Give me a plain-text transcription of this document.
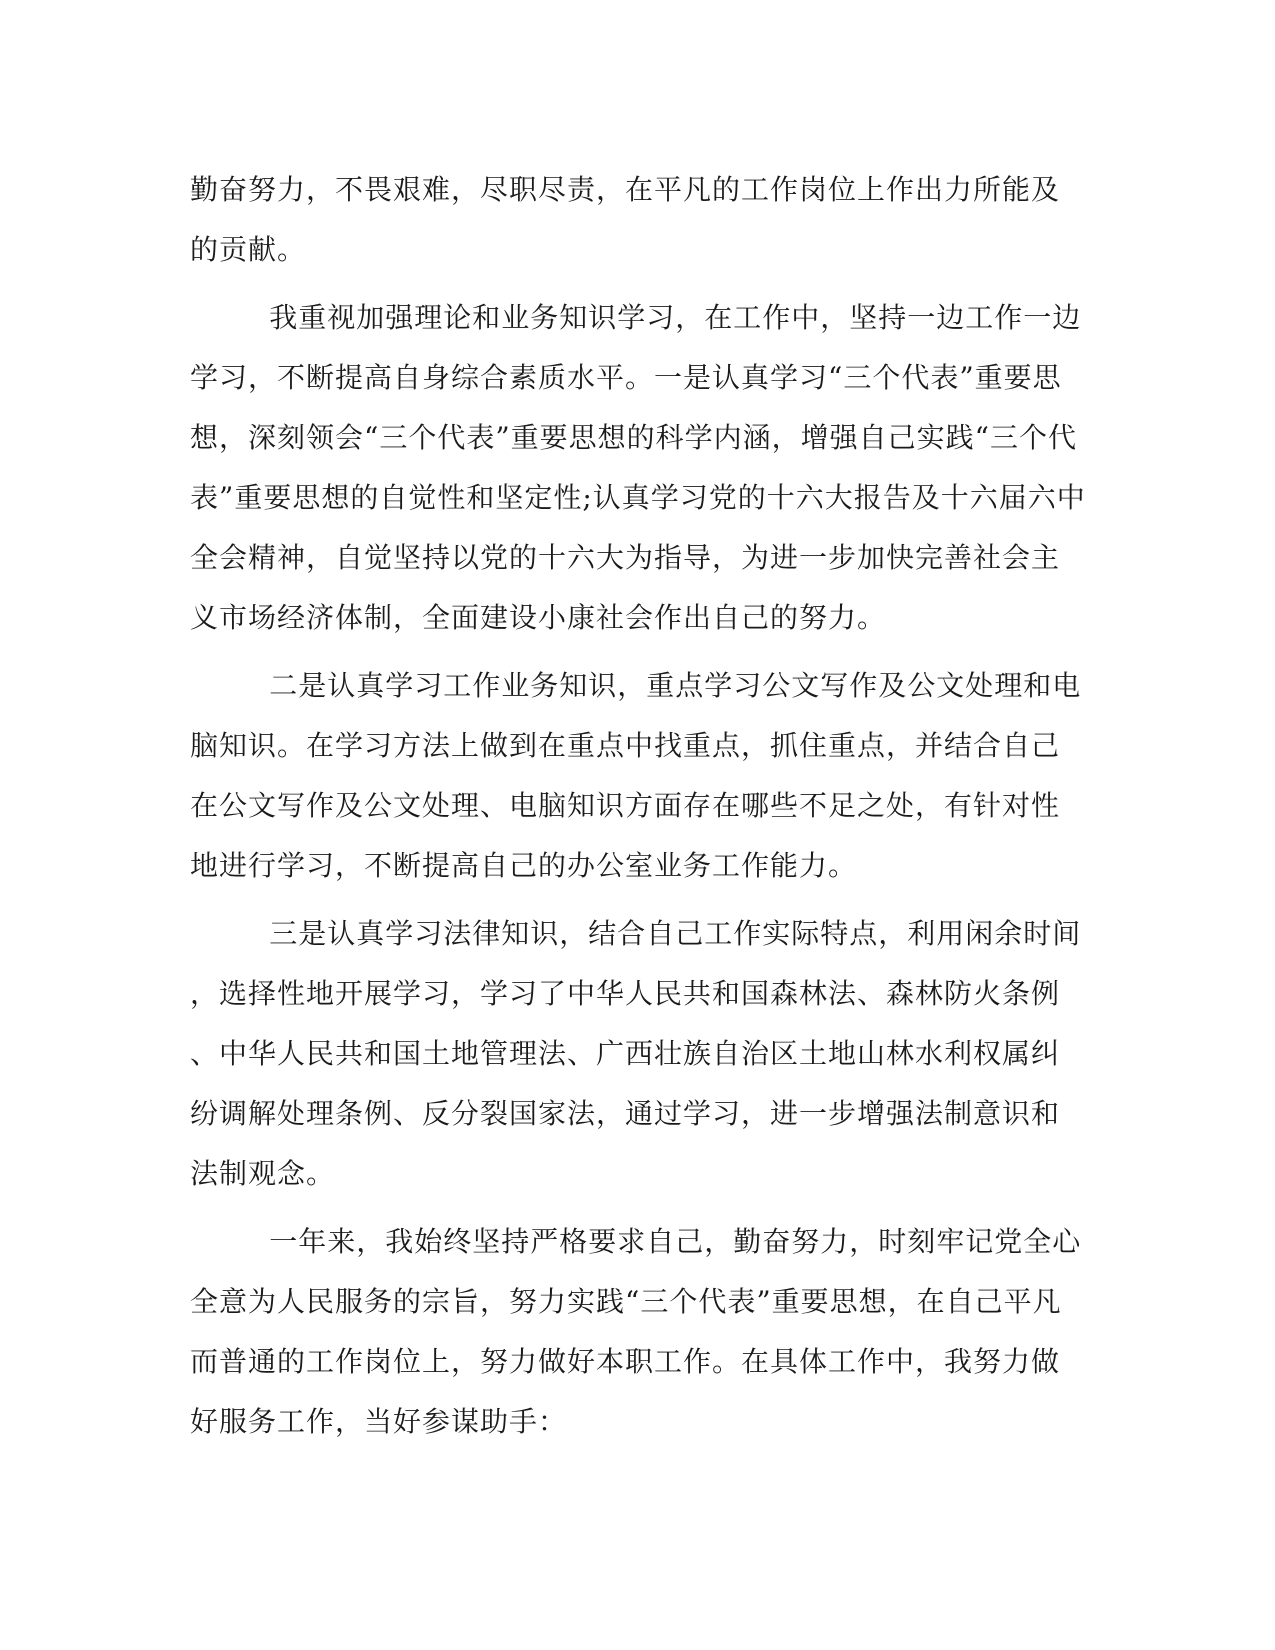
勤奋努力，不畏艰难，尽职尽责，在平凡的工作岗位上作出力所能及
的贡献。
我重视加强理论和业务知识学习，在工作中，坚持一边工作一边
学习，不断提高自身综合素质水平。一是认真学习“三个代表”重要思
想，深刻领会“三个代表”重要思想的科学内涵，增强自己实践“三个代
表”重要思想的自觉性和坚定性;认真学习党的十六大报告及十六届六中
全会精神，自觉坚持以党的十六大为指导，为进一步加快完善社会主
义市场经济体制，全面建设小康社会作出自己的努力。
二是认真学习工作业务知识，重点学习公文写作及公文处理和电
脑知识。在学习方法上做到在重点中找重点，抓住重点，并结合自己
在公文写作及公文处理、电脑知识方面存在哪些不足之处，有针对性
地进行学习，不断提高自己的办公室业务工作能力。
三是认真学习法律知识，结合自己工作实际特点，利用闲余时间
，选择性地开展学习，学习了中华人民共和国森林法、森林防火条例
、中华人民共和国土地管理法、广西壮族自治区土地山林水利权属纠
纷调解处理条例、反分裂国家法，通过学习，进一步增强法制意识和
法制观念。
一年来，我始终坚持严格要求自己，勤奋努力，时刻牢记党全心
全意为人民服务的宗旨，努力实践“三个代表”重要思想，在自己平凡
而普通的工作岗位上，努力做好本职工作。在具体工作中，我努力做
好服务工作，当好参谋助手：
